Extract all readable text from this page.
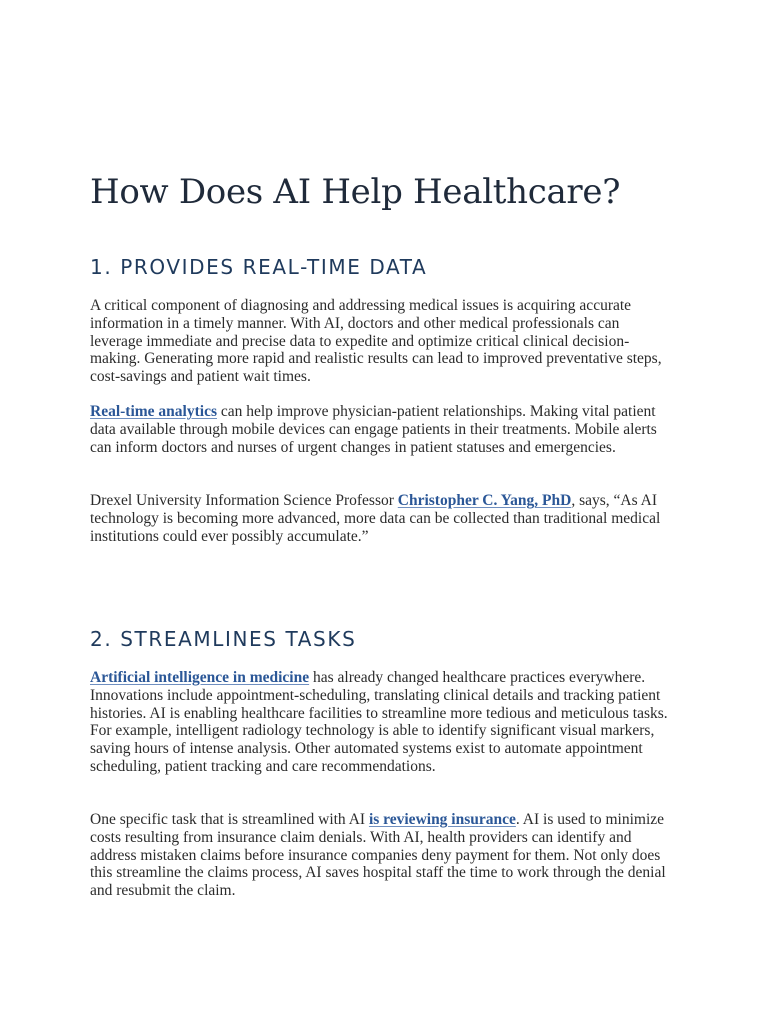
How Does AI Help Healthcare?
1. PROVIDES REAL-TIME DATA

A critical component of diagnosing and addressing medical issues is acquiring accurate information in a timely manner. With AI, doctors and other medical professionals can leverage immediate and precise data to expedite and optimize critical clinical decision-making. Generating more rapid and realistic results can lead to improved preventative steps, cost-savings and patient wait times.

Real-time analytics can help improve physician-patient relationships. Making vital patient data available through mobile devices can engage patients in their treatments. Mobile alerts can inform doctors and nurses of urgent changes in patient statuses and emergencies.

Drexel University Information Science Professor Christopher C. Yang, PhD, says, “As AI technology is becoming more advanced, more data can be collected than traditional medical institutions could ever possibly accumulate.”

2. STREAMLINES TASKS

Artificial intelligence in medicine has already changed healthcare practices everywhere. Innovations include appointment-scheduling, translating clinical details and tracking patient histories. AI is enabling healthcare facilities to streamline more tedious and meticulous tasks. For example, intelligent radiology technology is able to identify significant visual markers, saving hours of intense analysis. Other automated systems exist to automate appointment scheduling, patient tracking and care recommendations.

One specific task that is streamlined with AI is reviewing insurance. AI is used to minimize costs resulting from insurance claim denials. With AI, health providers can identify and address mistaken claims before insurance companies deny payment for them. Not only does this streamline the claims process, AI saves hospital staff the time to work through the denial and resubmit the claim.
